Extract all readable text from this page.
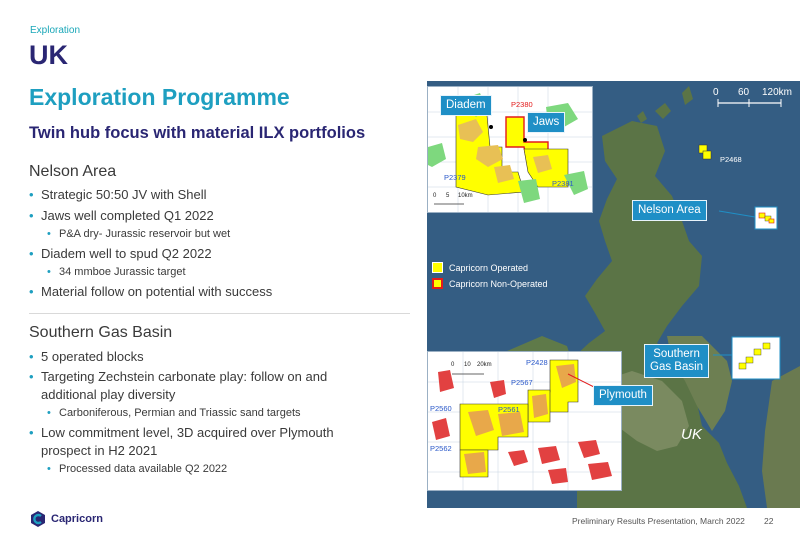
Exploration
UK
Exploration Programme
Twin hub focus with material ILX portfolios
Nelson Area
• Strategic 50:50 JV with Shell
• Jaws well completed Q1 2022
• P&A dry- Jurassic reservoir but wet
• Diadem well to spud Q2 2022
• 34 mmboe Jurassic target
• Material follow on potential with success
Southern Gas Basin
• 5 operated blocks
• Targeting Zechstein carbonate play: follow on and additional play diversity
• Carboniferous, Permian and Triassic sand targets
• Low commitment level, 3D acquired over Plymouth prospect in H2 2021
• Processed data available Q2 2022
0 60 120km
P2468
P2380
P2379
P2381
0 5 10km
Diadem
Jaws
Nelson Area
Capricorn Operated
Capricorn Non-Operated
P2428
P2567
P2560	P2561
P2562
0 10 20km
Plymouth
Southern
Gas Basin
UK
Capricorn	Preliminary Results Presentation, March 2022 22
